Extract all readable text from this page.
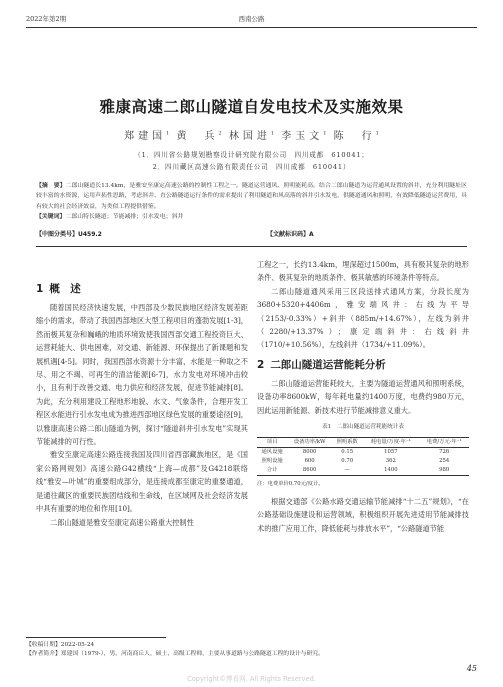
2022年第2期	西南公路
雅康高速二郎山隧道自发电技术及实施效果
郑建国$^1$ 黄　兵$^2$ 林国进$^1$ 李玉文$^1$ 陈　行$^1$
（1．四川省公路规划勘察设计研究院有限公司　四川成都　610041；
2．四川藏区高速公路有限责任公司　四川成都　610041）
【摘　要】二郎山隧道长13.4km，是雅安至康定高速公路的控制性工程之一。隧道运营通风、照明能耗高。结合二郎山隧道为运营通风设置的斜井，充分利用隧址区较丰富的水资源，运用声拓性思路，考虑斜井、直公路隧道运行条件的需求提出了利用隧道和风高落的斜井引水发电，供隧道通风和照明，有效降低隧道运营费用，具有较大的社会经济效益，为类似工程提供借鉴。
【关键词】二郎山特长隧道；节能减排；引水发电；斜井
【中图分类号】U459.2	【文献标识码】A
1 概　述

随着国民经济快速发展，中西部及少数民族地区经济发展差距缩小的需求，带动了我国西部地区大型工程项目的蓬勃发展[1-3]，然而极其复杂和巍峨的地质环境致使我国西部交通工程投资巨大、运营耗能大、供电困难，对交通、新能源、环保提出了新课题和发展机遇[4-5]。同时，我国西部水资源十分丰富，水能是一种取之不尽、用之不竭、可再生的清洁能源[6-7]，水力发电对环境冲击较小，且有利于改善交通、电力供应和经济发展，促进节能减排[8]。为此，充分利用建设工程地形地貌、水文、气象条件，合理开发工程区水能进行引水发电成为推进西部地区绿色发展的重要途径[9]，以雅康高速公路二郎山隧道为例，探讨“隧道斜井引水发电”实现其节能减排的可行性。

雅安至康定高速公路连接我国及四川省西部藏族地区，是《国家公路网规划》高速公路G42横线“上海—成都”及G4218联络线“雅安—叶城”的重要组成部分，是连接成都至康定的重要通道，是通往藏区的重要民族团结线和生命线，在区域网及社会经济发展中具有重要的地位和作用[10]。

二郎山隧道是雅安至康定高速公路重大控制性

工程之一，长约13.4km，埋深超过1500m，具有极其复杂的地形条件、极其复杂的地质条件、极其敏感的环境条件等特点。

二郎山隧道通风采用三区段送排式通风方案，分段长度为3680+5320+4406m，雅安端风井：右线为平导（2153/-0.33%）+斜井（885m/+14.67%），左线为斜井（2280/+13.37%）；康定端斜井：右线斜井（1710/+10.56%），左线斜井（1734/+11.09%）。

2 二郎山隧道运营能耗分析

二郎山隧道运营能耗较大，主要为隧道运营通风和照明系统，设备功率8600kW，每年耗电量约1400万度，电费约980万元，因此运用新能源、新技术进行节能减排意义重大。

表1　二郎山隧道运营耗能统计表
项目	设备功率/kW	照明系数	耗电量/万度·年⁻¹	电费/万元·年⁻¹
通风设施	8000	0.15	1057	726
照明设施	600	0.70	362	254
合计	8600	—	1400	980
注：电费单价0.70元/度计。

根据交通部《公路水路交通运输节能减排“十二五”规划》，“在公路基础设施建设和运营领域，积极组织开展先进适用节能减排技术的推广应用工作，降低能耗与排放水平”，“公路隧道节能

【收稿日期】2022-05-24
【作者简介】郑建国（1979-），男，河南商丘人，硕士，高级工程师，主要从事道路与公路隧道工程的设计与研究。
45
Copyright©博看网. All Rights Reserved.
